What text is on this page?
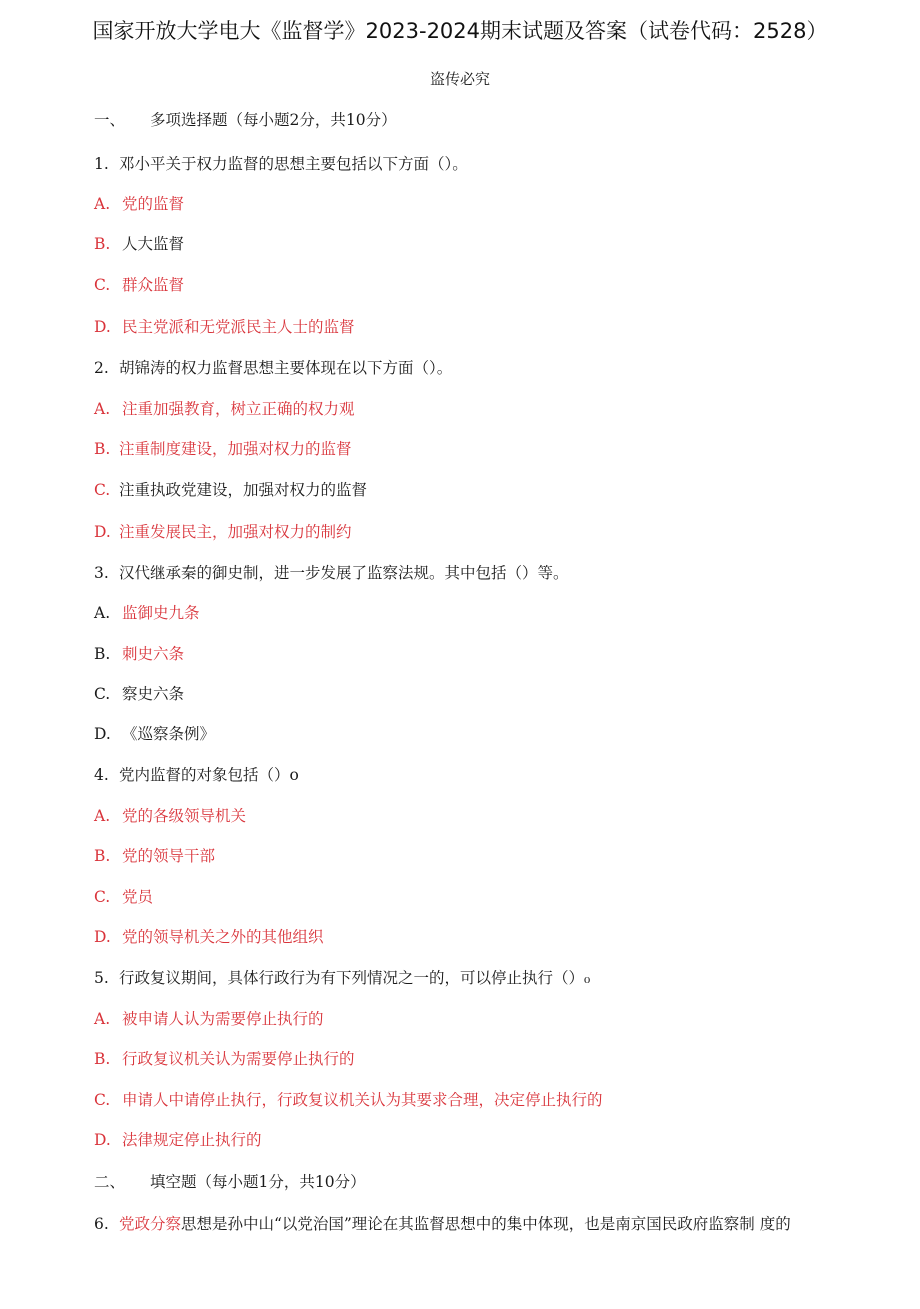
国家开放大学电大《监督学》2023-2024期末试题及答案（试卷代码：2528）
盗传必究
一、 多项选择题（每小题2分，共10分）
1. 邓小平关于权力监督的思想主要包括以下方面（）。
A. 党的监督
B. 人大监督
C. 群众监督
D. 民主党派和无党派民主人士的监督
2. 胡锦涛的权力监督思想主要体现在以下方面（）。
A. 注重加强教育，树立正确的权力观
B. 注重制度建设，加强对权力的监督
C. 注重执政党建设，加强对权力的监督
D. 注重发展民主，加强对权力的制约
3. 汉代继承秦的御史制，进一步发展了监察法规。其中包括（）等。
A. 监御史九条
B. 刺史六条
C. 察史六条
D. 《巡察条例》
4. 党内监督的对象包括（）o
A. 党的各级领导机关
B. 党的领导干部
C. 党员
D. 党的领导机关之外的其他组织
5. 行政复议期间，具体行政行为有下列情况之一的，可以停止执行（）₀
A. 被申请人认为需要停止执行的
B. 行政复议机关认为需要停止执行的
C. 申请人中请停止执行，行政复议机关认为其要求合理，决定停止执行的
D. 法律规定停止执行的
二、 填空题（每小题1分，共10分）
6. 党政分察思想是孙中山“以党治国”理论在其监督思想中的集中体现，也是南京国民政府监察制 度的
